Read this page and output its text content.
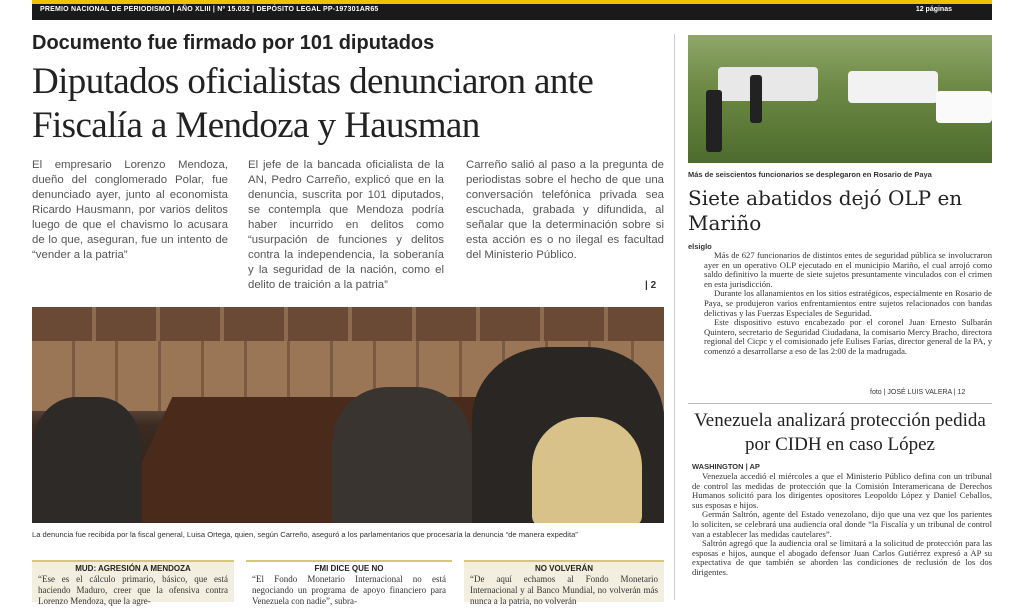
PREMIO NACIONAL DE PERIODISMO | AÑO XLIII | Nº 15.032 | DEPÓSITO LEGAL PP-197301AR65	12 páginas
Documento fue firmado por 101 diputados
Diputados oficialistas denunciaron ante Fiscalía a Mendoza y Hausman
El empresario Lorenzo Mendoza, dueño del conglomerado Polar, fue denunciado ayer, junto al economista Ricardo Hausmann, por varios delitos luego de que el chavismo lo acusara de lo que, aseguran, fue un intento de “vender a la patria”
El jefe de la bancada oficialista de la AN, Pedro Carreño, explicó que en la denuncia, suscrita por 101 diputados, se contempla que Mendoza podría haber incurrido en delitos como “usurpación de funciones y delitos contra la independencia, la soberanía y la seguridad de la nación, como el delito de traición a la patria”
Carreño salió al paso a la pregunta de periodistas sobre el hecho de que una conversación telefónica privada sea escuchada, grabada y difundida, al señalar que la determinación sobre si esta acción es o no ilegal es facultad del Ministerio Público.
| 2
La denuncia fue recibida por la fiscal general, Luisa Ortega, quien, según Carreño, aseguró a los parlamentarios que procesaría la denuncia “de manera expedita”
MUD: AGRESIÓN A MENDOZA
“Ese es el cálculo primario, básico, que está haciendo Maduro, creer que la ofensiva contra Lorenzo Mendoza, que la agre-
FMI DICE QUE NO
“El Fondo Monetario Internacional no está negociando un programa de apoyo financiero para Venezuela con nadie”, subra-
NO VOLVERÁN
“De aquí echamos al Fondo Monetario Internacional y al Banco Mundial, no volverán más nunca a la patria, no volverán
Más de seiscientos funcionarios se desplegaron en Rosario de Paya
Siete abatidos dejó OLP en Mariño
elsiglo

Más de 627 funcionarios de distintos entes de seguridad pública se involucraron ayer en un operativo OLP ejecutado en el municipio Mariño, el cual arrojó como saldo definitivo la muerte de siete sujetos presuntamente vinculados con el crimen en esta jurisdicción.

Durante los allanamientos en los sitios estratégicos, especialmente en Rosario de Paya, se produjeron varios enfrentamientos entre sujetos relacionados con bandas delictivas y las Fuerzas Especiales de Seguridad.

Este dispositivo estuvo encabezado por el coronel Juan Ernesto Sulbarán Quintero, secretario de Seguridad Ciudadana, la comisario Mercy Bracho, directora regional del Cicpc y el comisionado jefe Eulises Farías, director general de la PA, y comenzó a desarrollarse a eso de las 2:00 de la madrugada.

foto | JOSÉ LUIS VALERA | 12
Venezuela analizará protección pedida por CIDH en caso López
WASHINGTON | AP

Venezuela accedió el miércoles a que el Ministerio Público defina con un tribunal de control las medidas de protección que la Comisión Interamericana de Derechos Humanos solicitó para los dirigentes opositores Leopoldo López y Daniel Ceballos, sus esposas e hijos.

Germán Saltrón, agente del Estado venezolano, dijo que una vez que los parientes lo soliciten, se celebrará una audiencia oral donde “la Fiscalía y un tribunal de control van a establecer las medidas cautelares”.

Saltrón agregó que la audiencia oral se limitará a la solicitud de protección para las esposas e hijos, aunque el abogado defensor Juan Carlos Gutiérrez expresó a AP su expectativa de que también se aborden las condiciones de reclusión de los dos dirigentes.
